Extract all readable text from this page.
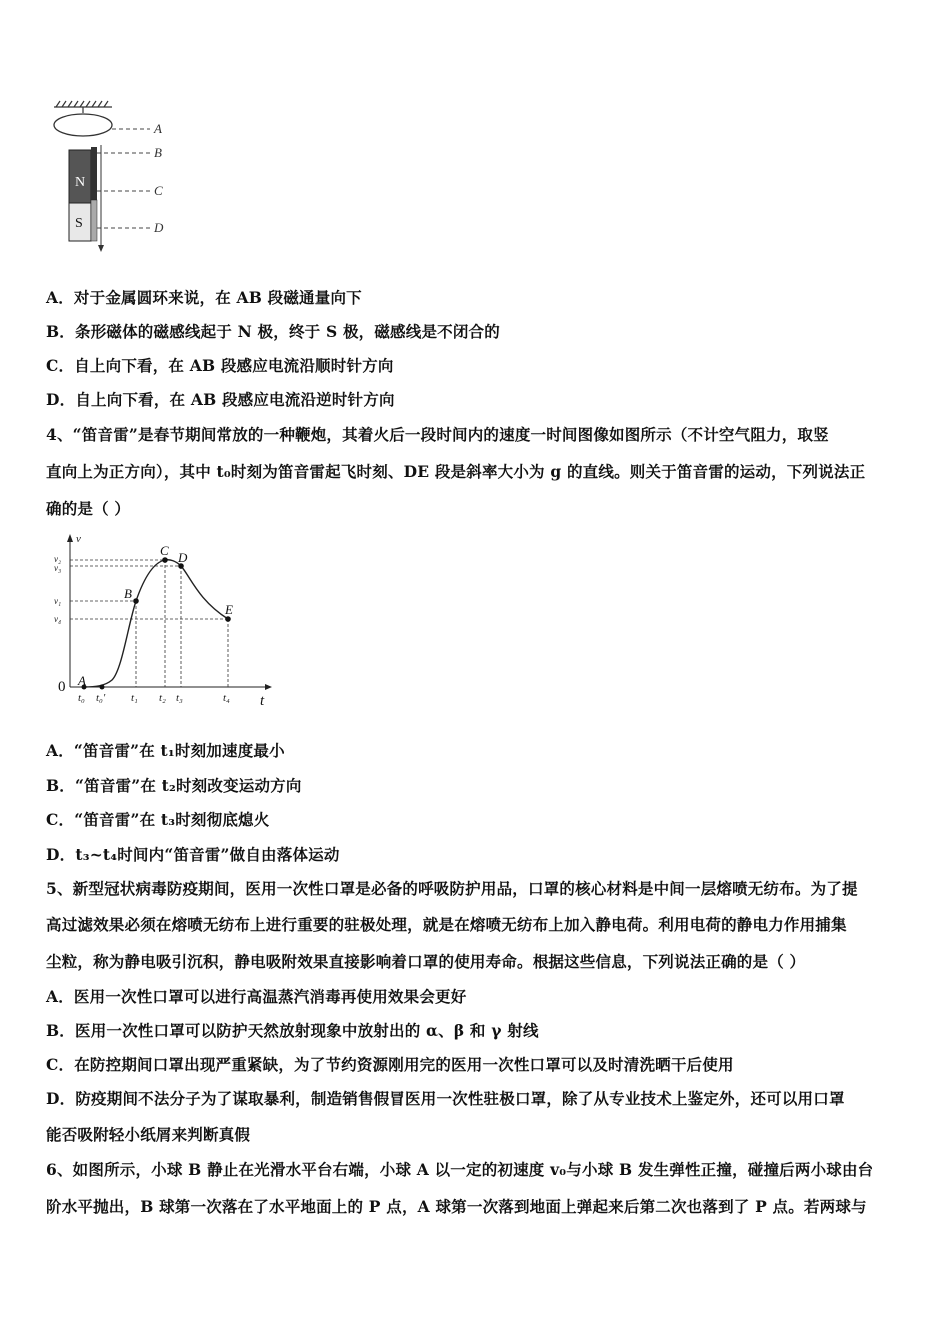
N
S
A
B
C
D
A．对于金属圆环来说，在 AB 段磁通量向下
B．条形磁体的磁感线起于 N 极，终于 S 极，磁感线是不闭合的
C．自上向下看，在 AB 段感应电流沿顺时针方向
D．自上向下看，在 AB 段感应电流沿逆时针方向
4、“笛音雷”是春节期间常放的一种鞭炮，其着火后一段时间内的速度一时间图像如图所示（不计空气阻力，取竖
直向上为正方向），其中 t₀时刻为笛音雷起飞时刻、DE 段是斜率大小为 g 的直线。则关于笛音雷的运动，下列说法正
确的是（ ）
v
t
0 A
B
C D
E
v₂
v₃
v₁
v₄
t₀ t₀' t₁ t₂ t₃	t₄
A．“笛音雷”在 t₁时刻加速度最小
B．“笛音雷”在 t₂时刻改变运动方向
C．“笛音雷”在 t₃时刻彻底熄火
D．t₃~t₄时间内“笛音雷”做自由落体运动
5、新型冠状病毒防疫期间，医用一次性口罩是必备的呼吸防护用品，口罩的核心材料是中间一层熔喷无纺布。为了提
高过滤效果必须在熔喷无纺布上进行重要的驻极处理，就是在熔喷无纺布上加入静电荷。利用电荷的静电力作用捕集
尘粒，称为静电吸引沉积，静电吸附效果直接影响着口罩的使用寿命。根据这些信息，下列说法正确的是（ ）
A．医用一次性口罩可以进行高温蒸汽消毒再使用效果会更好
B．医用一次性口罩可以防护天然放射现象中放射出的 α、β 和 γ 射线
C．在防控期间口罩出现严重紧缺，为了节约资源刚用完的医用一次性口罩可以及时清洗晒干后使用
D．防疫期间不法分子为了谋取暴利，制造销售假冒医用一次性驻极口罩，除了从专业技术上鉴定外，还可以用口罩
能否吸附轻小纸屑来判断真假
6、如图所示，小球 B 静止在光滑水平台右端，小球 A 以一定的初速度 v₀与小球 B 发生弹性正撞，碰撞后两小球由台
阶水平抛出，B 球第一次落在了水平地面上的 P 点，A 球第一次落到地面上弹起来后第二次也落到了 P 点。若两球与
